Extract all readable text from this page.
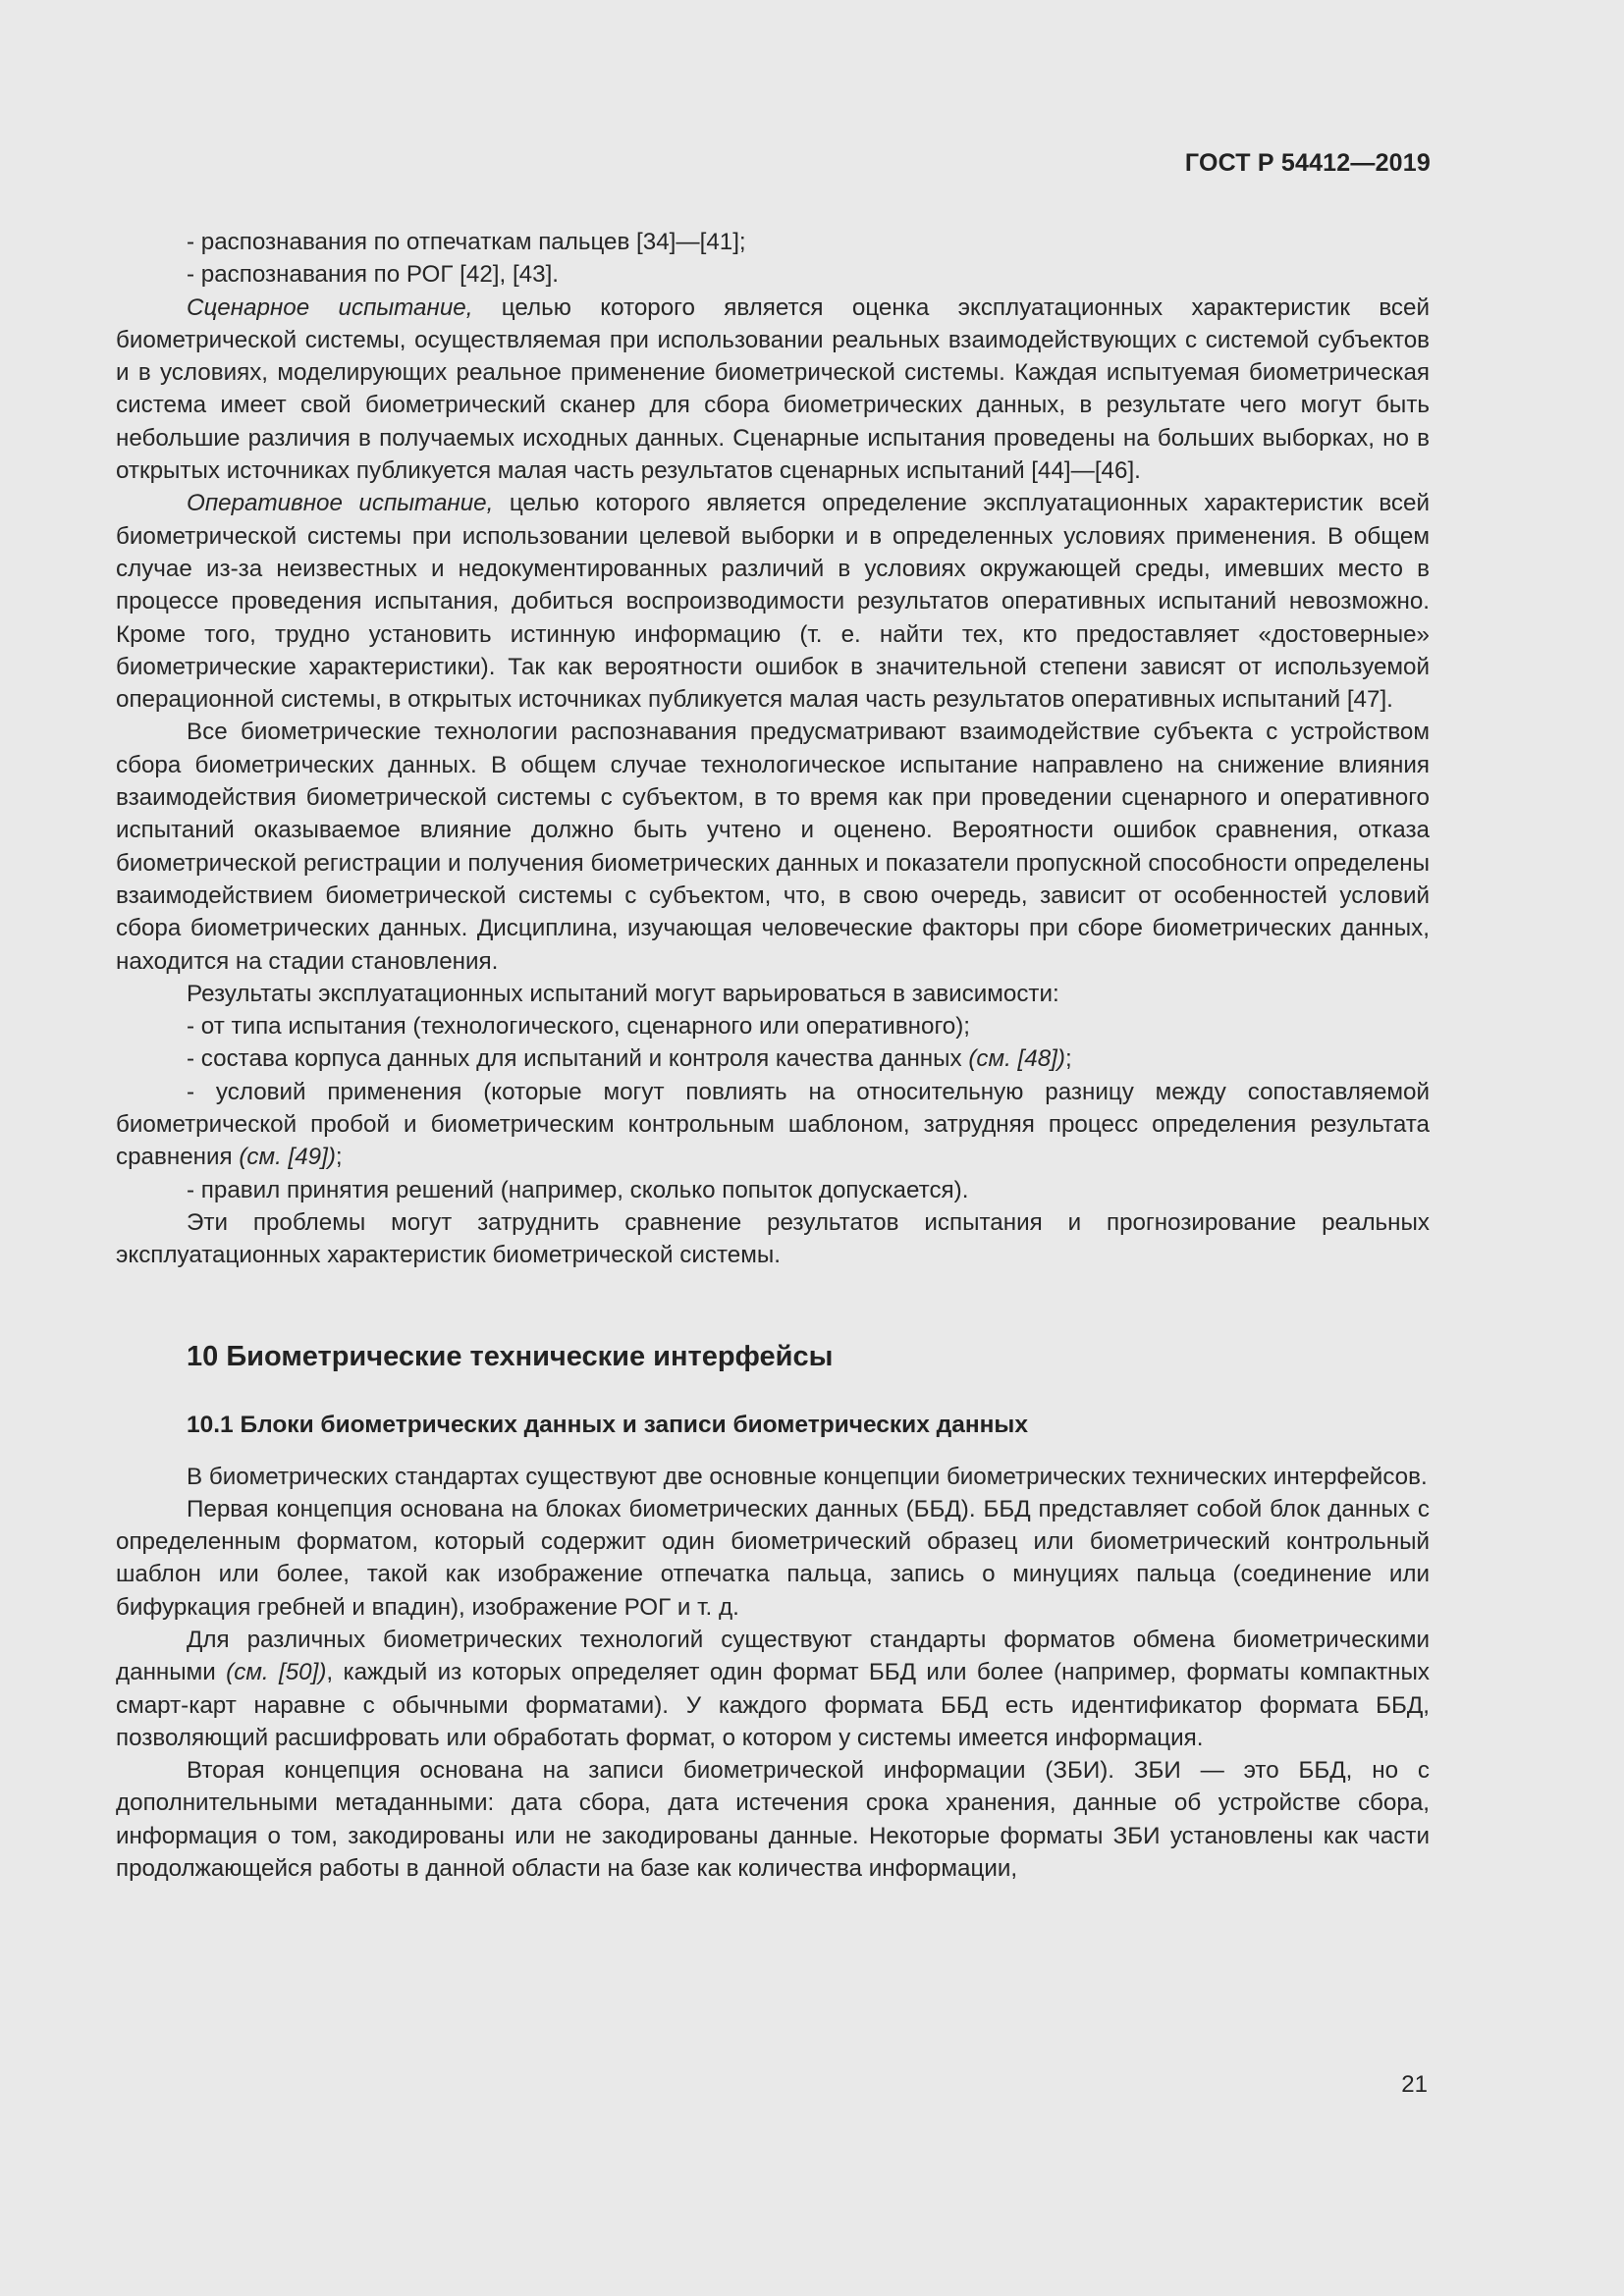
ГОСТ Р 54412—2019

- распознавания по отпечаткам пальцев [34]—[41];

- распознавания по РОГ [42], [43].

Сценарное испытание, целью которого является оценка эксплуатационных характеристик всей биометрической системы, осуществляемая при использовании реальных взаимодействующих с системой субъектов и в условиях, моделирующих реальное применение биометрической системы. Каждая испытуемая биометрическая система имеет свой биометрический сканер для сбора биометрических данных, в результате чего могут быть небольшие различия в получаемых исходных данных. Сценарные испытания проведены на больших выборках, но в открытых источниках публикуется малая часть результатов сценарных испытаний [44]—[46].

Оперативное испытание, целью которого является определение эксплуатационных характеристик всей биометрической системы при использовании целевой выборки и в определенных условиях применения. В общем случае из-за неизвестных и недокументированных различий в условиях окружающей среды, имевших место в процессе проведения испытания, добиться воспроизводимости результатов оперативных испытаний невозможно. Кроме того, трудно установить истинную информацию (т. е. найти тех, кто предоставляет «достоверные» биометрические характеристики). Так как вероятности ошибок в значительной степени зависят от используемой операционной системы, в открытых источниках публикуется малая часть результатов оперативных испытаний [47].

Все биометрические технологии распознавания предусматривают взаимодействие субъекта с устройством сбора биометрических данных. В общем случае технологическое испытание направлено на снижение влияния взаимодействия биометрической системы с субъектом, в то время как при проведении сценарного и оперативного испытаний оказываемое влияние должно быть учтено и оценено. Вероятности ошибок сравнения, отказа биометрической регистрации и получения биометрических данных и показатели пропускной способности определены взаимодействием биометрической системы с субъектом, что, в свою очередь, зависит от особенностей условий сбора биометрических данных. Дисциплина, изучающая человеческие факторы при сборе биометрических данных, находится на стадии становления.

Результаты эксплуатационных испытаний могут варьироваться в зависимости:

- от типа испытания (технологического, сценарного или оперативного);

- состава корпуса данных для испытаний и контроля качества данных (см. [48]);

- условий применения (которые могут повлиять на относительную разницу между сопоставляемой биометрической пробой и биометрическим контрольным шаблоном, затрудняя процесс определения результата сравнения (см. [49]);

- правил принятия решений (например, сколько попыток допускается).

Эти проблемы могут затруднить сравнение результатов испытания и прогнозирование реальных эксплуатационных характеристик биометрической системы.

10 Биометрические технические интерфейсы
10.1 Блоки биометрических данных и записи биометрических данных

В биометрических стандартах существуют две основные концепции биометрических технических интерфейсов.

Первая концепция основана на блоках биометрических данных (ББД). ББД представляет собой блок данных с определенным форматом, который содержит один биометрический образец или биометрический контрольный шаблон или более, такой как изображение отпечатка пальца, запись о минуциях пальца (соединение или бифуркация гребней и впадин), изображение РОГ и т. д.

Для различных биометрических технологий существуют стандарты форматов обмена биометрическими данными (см. [50]), каждый из которых определяет один формат ББД или более (например, форматы компактных смарт-карт наравне с обычными форматами). У каждого формата ББД есть идентификатор формата ББД, позволяющий расшифровать или обработать формат, о котором у системы имеется информация.

Вторая концепция основана на записи биометрической информации (ЗБИ). ЗБИ — это ББД, но с дополнительными метаданными: дата сбора, дата истечения срока хранения, данные об устройстве сбора, информация о том, закодированы или не закодированы данные. Некоторые форматы ЗБИ установлены как части продолжающейся работы в данной области на базе как количества информации,

21
